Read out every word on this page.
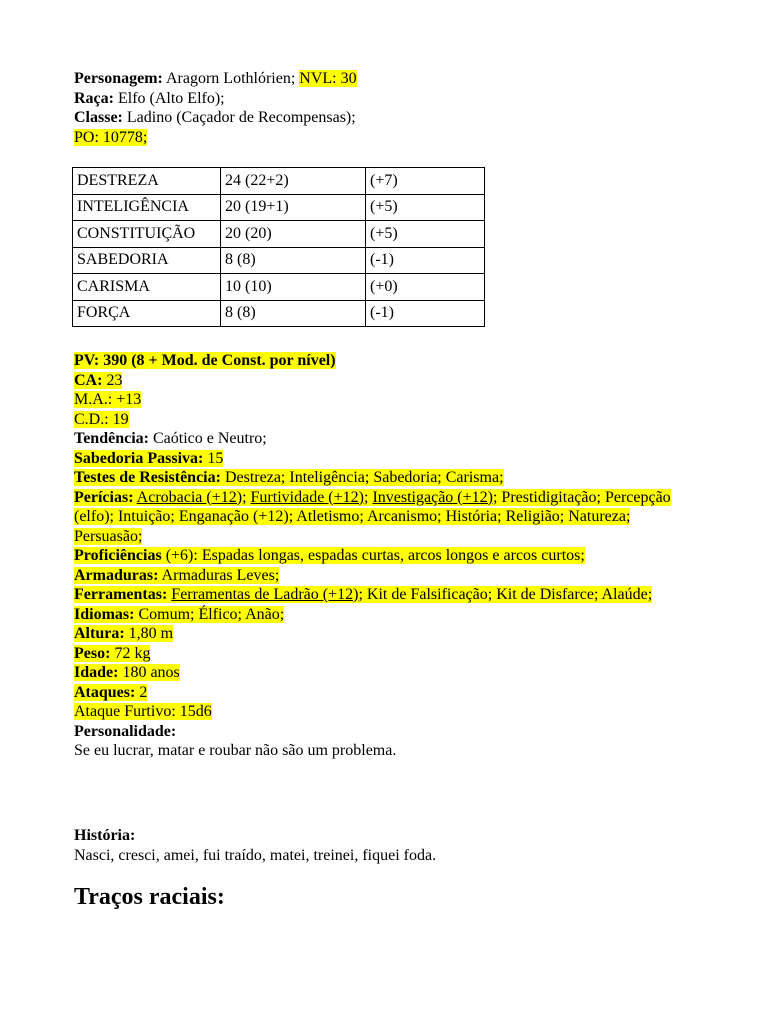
Personagem: Aragorn Lothlórien; NVL: 30
Raça: Elfo (Alto Elfo);
Classe: Ladino (Caçador de Recompensas);
PO: 10778;
DESTREZA	24 (22+2)	(+7)
INTELIGÊNCIA	20 (19+1)	(+5)
CONSTITUIÇÃO	20 (20)	(+5)
SABEDORIA	8 (8)	(-1)
CARISMA	10 (10)	(+0)
FORÇA	8 (8)	(-1)
PV: 390 (8 + Mod. de Const. por nível)
CA: 23
M.A.: +13
C.D.: 19
Tendência: Caótico e Neutro;
Sabedoria Passiva: 15
Testes de Resistência: Destreza; Inteligência; Sabedoria; Carisma;
Perícias: Acrobacia (+12); Furtividade (+12); Investigação (+12); Prestidigitação; Percepção (elfo); Intuição; Enganação (+12); Atletismo; Arcanismo; História; Religião; Natureza; Persuasão;
Proficiências (+6): Espadas longas, espadas curtas, arcos longos e arcos curtos;
Armaduras: Armaduras Leves;
Ferramentas: Ferramentas de Ladrão (+12); Kit de Falsificação; Kit de Disfarce; Alaúde;
Idiomas: Comum; Élfico; Anão;
Altura: 1,80 m
Peso: 72 kg
Idade: 180 anos
Ataques: 2
Ataque Furtivo: 15d6
Personalidade:
Se eu lucrar, matar e roubar não são um problema.
História:
Nasci, cresci, amei, fui traído, matei, treinei, fiquei foda.
Traços raciais:
